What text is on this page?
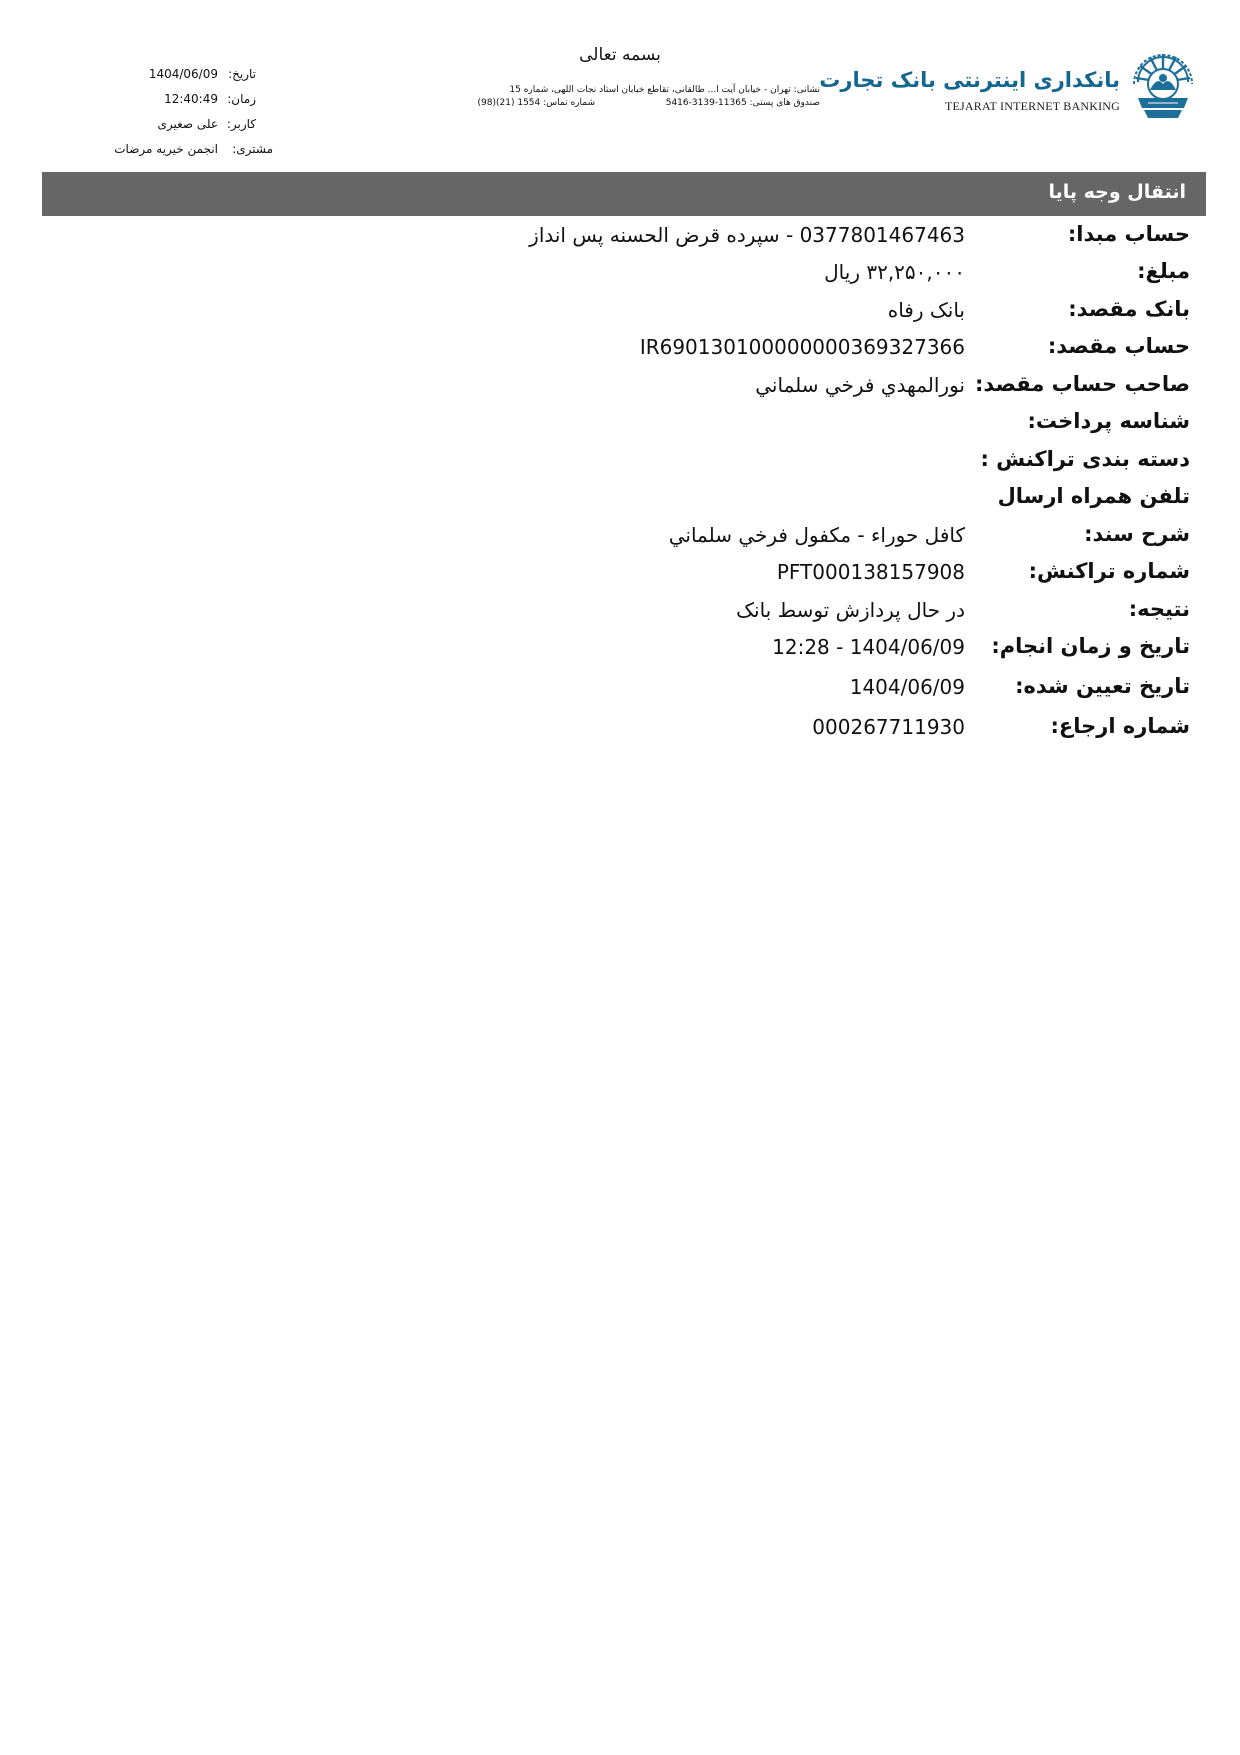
بانکداری اینترنتی بانک تجارت
TEJARAT INTERNET BANKING
بسمه تعالی
نشانی: تهران - خیابان آیت ا... طالقانی، تقاطع خیابان استاد نجات اللهی، شماره 15
صندوق های پستی: 11365-3139-5416
شماره تماس: 1554 (21)(98)
تاریخ:
1404/06/09
زمان:
12:40:49
کاربر:
علی صغیری
مشتری:
انجمن خیریه مرضات
انتقال وجه پایا
حساب مبدا:
0377801467463 - سپرده قرض الحسنه پس انداز
مبلغ:
۳۲,۲۵۰,۰۰۰ ریال
بانک مقصد:
بانک رفاه
حساب مقصد:
IR690130100000000369327366
صاحب حساب مقصد:
نورالمهدي فرخي سلماني
شناسه پرداخت:
دسته بندی تراکنش :
تلفن همراه ارسال
شرح سند:
کافل حوراء - مکفول فرخي سلماني
شماره تراکنش:
PFT000138157908
نتیجه:
در حال پردازش توسط بانک
تاریخ و زمان انجام:
1404/06/09 - 12:28
تاریخ تعیین شده:
1404/06/09
شماره ارجاع:
000267711930
